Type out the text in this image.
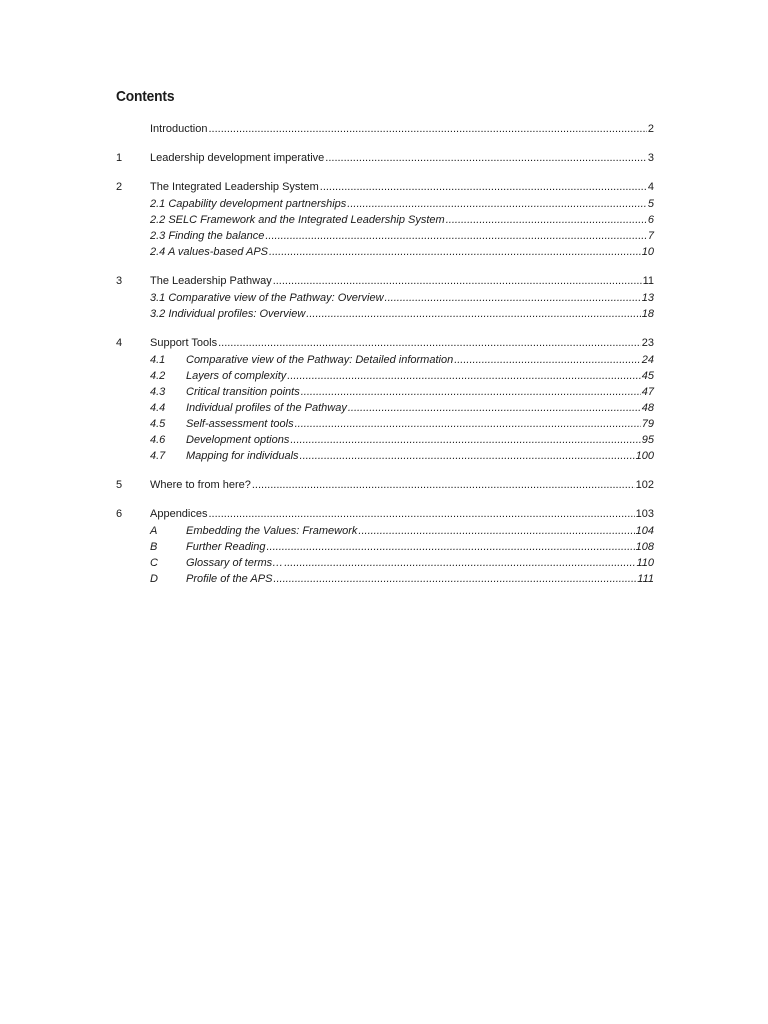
Contents
Introduction .....	2
1	Leadership development imperative .....	3
2	The Integrated Leadership System .....	4
2.1 Capability development partnerships .....	5
2.2 SELC Framework and the Integrated Leadership System .....	6
2.3 Finding the balance .....	7
2.4 A values-based APS .....	10
3	The Leadership Pathway .....	11
3.1 Comparative view of the Pathway: Overview .....	13
3.2 Individual profiles: Overview .....	18
4	Support Tools .....	23
4.1	Comparative view of the Pathway: Detailed information .....	24
4.2	Layers of complexity .....	45
4.3	Critical transition points .....	47
4.4	Individual profiles of the Pathway .....	48
4.5	Self-assessment tools .....	79
4.6	Development options .....	95
4.7	Mapping for individuals .....	100
5	Where to from here? .....	102
6	Appendices .....	103
A	Embedding the Values: Framework .....	104
B	Further Reading .....	108
C	Glossary of terms… .....	110
D	Profile of the APS .....	111
